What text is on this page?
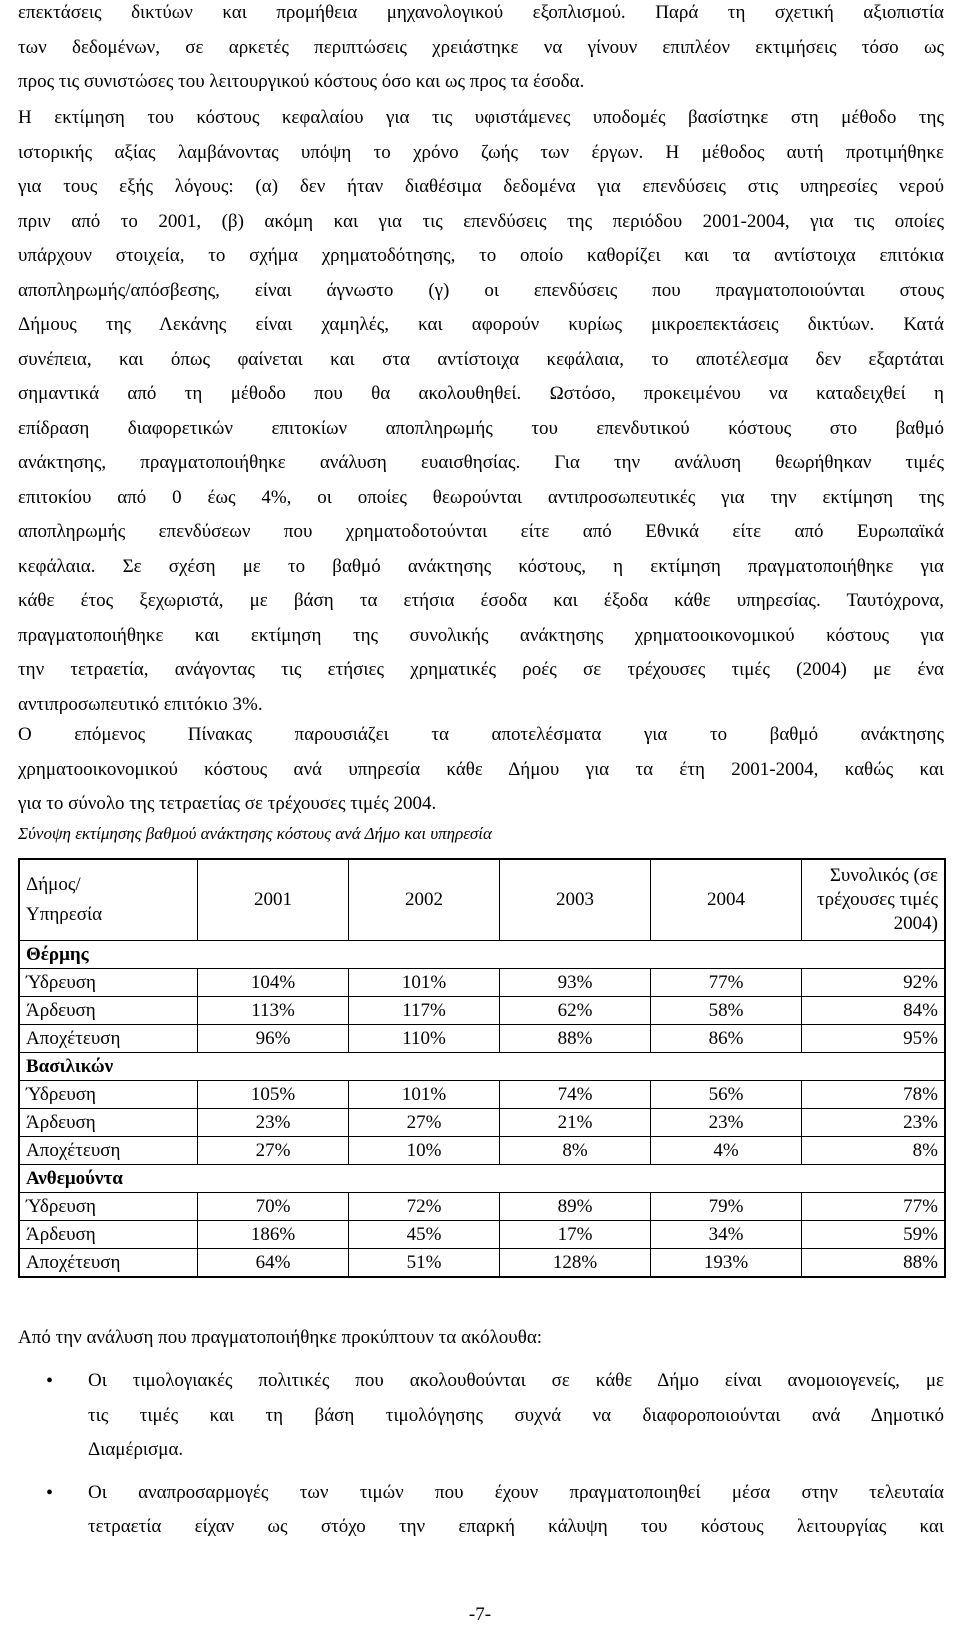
επεκτάσεις δικτύων και προμήθεια μηχανολογικού εξοπλισμού. Παρά τη σχετική αξιοπιστία
των δεδομένων, σε αρκετές περιπτώσεις χρειάστηκε να γίνουν επιπλέον εκτιμήσεις τόσο ως
προς τις συνιστώσες του λειτουργικού κόστους όσο και ως προς τα έσοδα.
Η εκτίμηση του κόστους κεφαλαίου για τις υφιστάμενες υποδομές βασίστηκε στη μέθοδο της
ιστορικής αξίας λαμβάνοντας υπόψη το χρόνο ζωής των έργων. Η μέθοδος αυτή προτιμήθηκε
για τους εξής λόγους: (α) δεν ήταν διαθέσιμα δεδομένα για επενδύσεις στις υπηρεσίες νερού
πριν από το 2001, (β) ακόμη και για τις επενδύσεις της περιόδου 2001-2004, για τις οποίες
υπάρχουν στοιχεία, το σχήμα χρηματοδότησης, το οποίο καθορίζει και τα αντίστοιχα επιτόκια
αποπληρωμής/απόσβεσης, είναι άγνωστο (γ) οι επενδύσεις που πραγματοποιούνται στους
Δήμους της Λεκάνης είναι χαμηλές, και αφορούν κυρίως μικροεπεκτάσεις δικτύων. Κατά
συνέπεια, και όπως φαίνεται και στα αντίστοιχα κεφάλαια, το αποτέλεσμα δεν εξαρτάται
σημαντικά από τη μέθοδο που θα ακολουθηθεί. Ωστόσο, προκειμένου να καταδειχθεί η
επίδραση διαφορετικών επιτοκίων αποπληρωμής του επενδυτικού κόστους στο βαθμό
ανάκτησης, πραγματοποιήθηκε ανάλυση ευαισθησίας. Για την ανάλυση θεωρήθηκαν τιμές
επιτοκίου από 0 έως 4%, οι οποίες θεωρούνται αντιπροσωπευτικές για την εκτίμηση της
αποπληρωμής επενδύσεων που χρηματοδοτούνται είτε από Εθνικά είτε από Ευρωπαϊκά
κεφάλαια. Σε σχέση με το βαθμό ανάκτησης κόστους, η εκτίμηση πραγματοποιήθηκε για
κάθε έτος ξεχωριστά, με βάση τα ετήσια έσοδα και έξοδα κάθε υπηρεσίας. Ταυτόχρονα,
πραγματοποιήθηκε και εκτίμηση της συνολικής ανάκτησης χρηματοοικονομικού κόστους για
την τετραετία, ανάγοντας τις ετήσιες χρηματικές ροές σε τρέχουσες τιμές (2004) με ένα
αντιπροσωπευτικό επιτόκιο 3%.
Ο επόμενος Πίνακας παρουσιάζει τα αποτελέσματα για το βαθμό ανάκτησης
χρηματοοικονομικού κόστους ανά υπηρεσία κάθε Δήμου για τα έτη 2001-2004, καθώς και
για το σύνολο της τετραετίας σε τρέχουσες τιμές 2004.
Σύνοψη εκτίμησης βαθμού ανάκτησης κόστους ανά Δήμο και υπηρεσία
Δήμος/
Υπηρεσία	2001	2002	2003	2004	Συνολικός (σε
τρέχουσες τιμές
2004)
Θέρμης					
Ύδρευση	104%	101%	93%	77%	92%
Άρδευση	113%	117%	62%	58%	84%
Αποχέτευση	96%	110%	88%	86%	95%
Βασιλικών					
Ύδρευση	105%	101%	74%	56%	78%
Άρδευση	23%	27%	21%	23%	23%
Αποχέτευση	27%	10%	8%	4%	8%
Ανθεμούντα					
Ύδρευση	70%	72%	89%	79%	77%
Άρδευση	186%	45%	17%	34%	59%
Αποχέτευση	64%	51%	128%	193%	88%
Από την ανάλυση που πραγματοποιήθηκε προκύπτουν τα ακόλουθα:
• Οι τιμολογιακές πολιτικές που ακολουθούνται σε κάθε Δήμο είναι ανομοιογενείς, με
τις τιμές και τη βάση τιμολόγησης συχνά να διαφοροποιούνται ανά Δημοτικό
Διαμέρισμα.
• Οι αναπροσαρμογές των τιμών που έχουν πραγματοποιηθεί μέσα στην τελευταία
τετραετία είχαν ως στόχο την επαρκή κάλυψη του κόστους λειτουργίας και
-7-
